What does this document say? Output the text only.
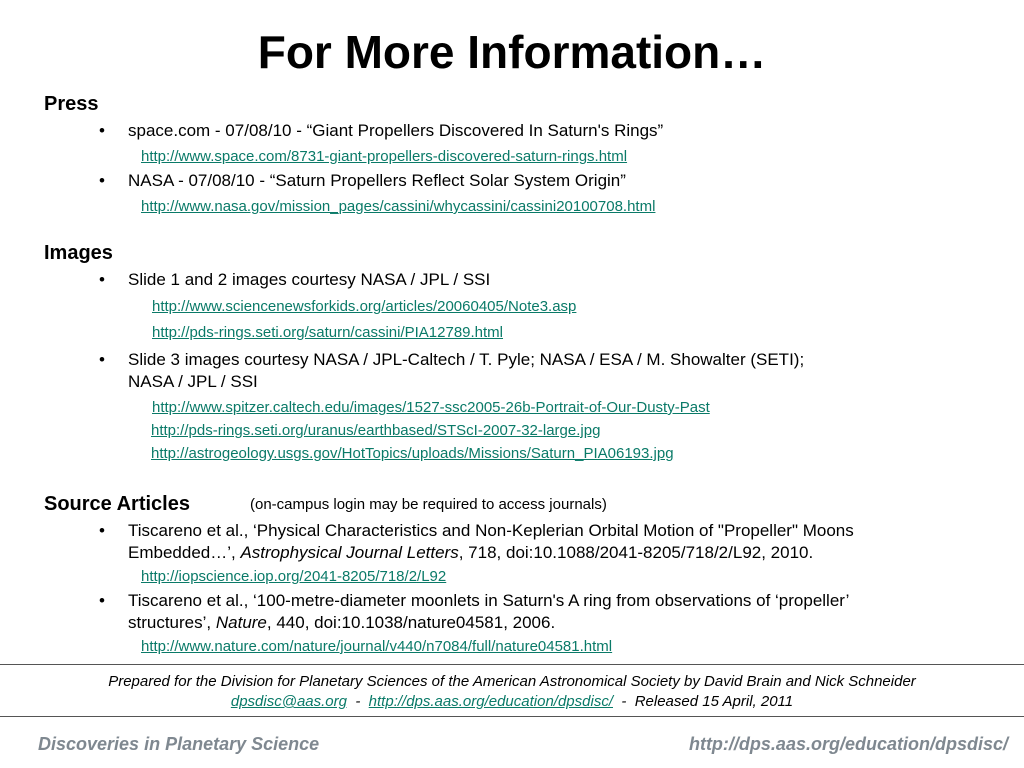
For More Information…
Press
• space.com - 07/08/10 - “Giant Propellers Discovered In Saturn's Rings”
http://www.space.com/8731-giant-propellers-discovered-saturn-rings.html
• NASA - 07/08/10 - “Saturn Propellers Reflect Solar System Origin”
http://www.nasa.gov/mission_pages/cassini/whycassini/cassini20100708.html
Images
• Slide 1 and 2 images courtesy NASA / JPL / SSI
http://www.sciencenewsforkids.org/articles/20060405/Note3.asp
http://pds-rings.seti.org/saturn/cassini/PIA12789.html
• Slide 3 images courtesy NASA / JPL-Caltech / T. Pyle; NASA / ESA / M. Showalter (SETI);
NASA / JPL / SSI
http://www.spitzer.caltech.edu/images/1527-ssc2005-26b-Portrait-of-Our-Dusty-Past
http://pds-rings.seti.org/uranus/earthbased/STScI-2007-32-large.jpg
http://astrogeology.usgs.gov/HotTopics/uploads/Missions/Saturn_PIA06193.jpg
Source Articles	(on-campus login may be required to access journals)
• Tiscareno et al., ‘Physical Characteristics and Non-Keplerian Orbital Motion of "Propeller" Moons
Embedded…’, Astrophysical Journal Letters, 718, doi:10.1088/2041-8205/718/2/L92, 2010.
http://iopscience.iop.org/2041-8205/718/2/L92
• Tiscareno et al., ‘100-metre-diameter moonlets in Saturn's A ring from observations of ‘propeller’
structures’, Nature, 440, doi:10.1038/nature04581, 2006.
http://www.nature.com/nature/journal/v440/n7084/full/nature04581.html
Prepared for the Division for Planetary Sciences of the American Astronomical Society by David Brain and Nick Schneider
dpsdisc@aas.org - http://dps.aas.org/education/dpsdisc/ - Released 15 April, 2011
Discoveries in Planetary Science	http://dps.aas.org/education/dpsdisc/
